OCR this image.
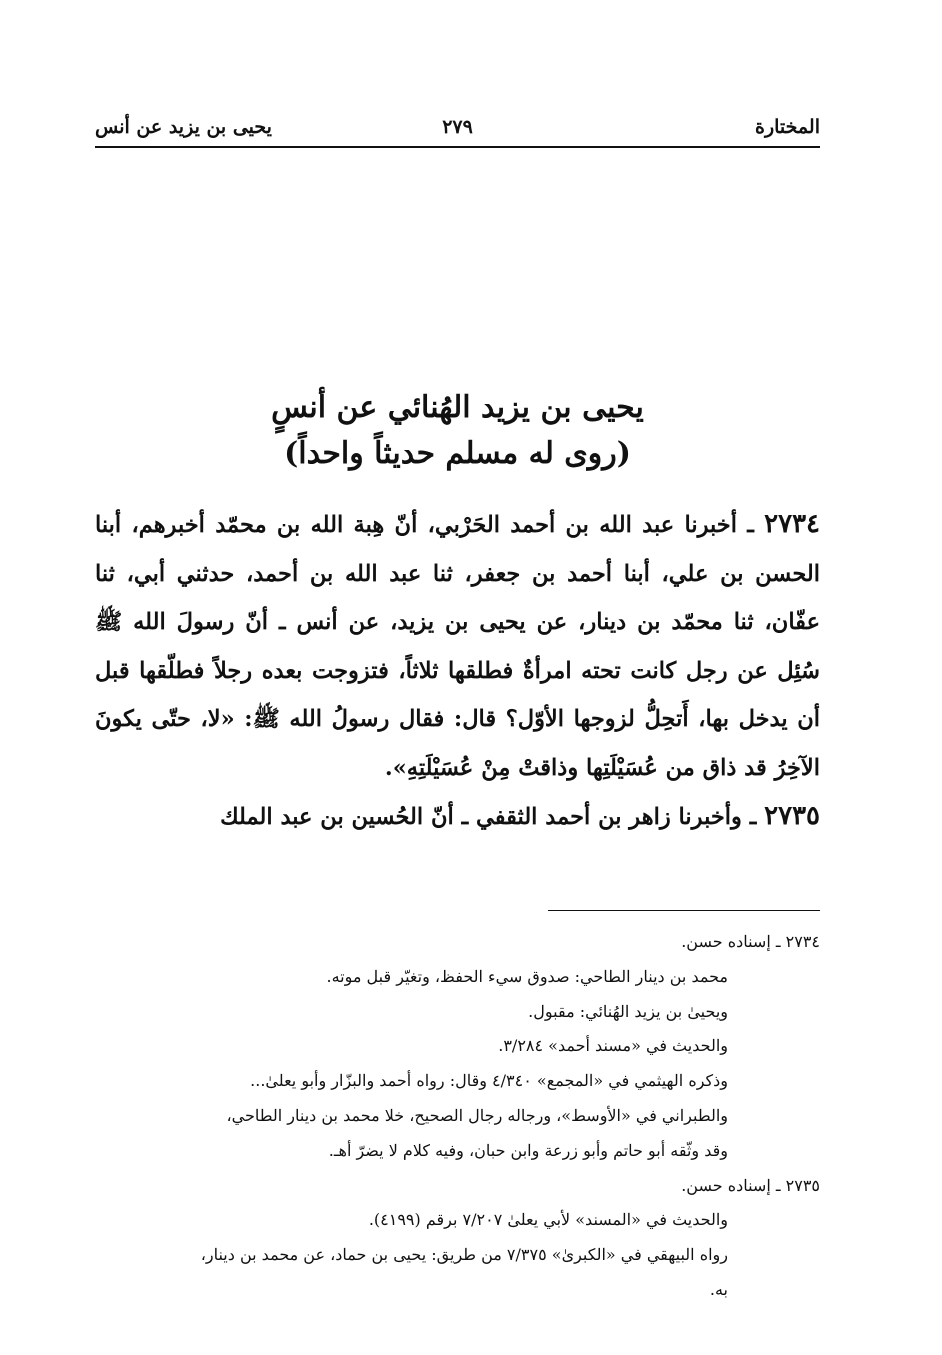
المختارة
٢٧٩
يحيى بن يزيد عن أنس
يحيى بن يزيد الهُنائي عن أنسٍ
(روى له مسلم حديثاً واحداً)

٢٧٣٤ ـ أخبرنا عبد الله بن أحمد الحَرْبي، أنّ هِبة الله بن محمّد أخبرهم، أبنا الحسن بن علي، أبنا أحمد بن جعفر، ثنا عبد الله بن أحمد، حدثني أبي، ثنا عفّان، ثنا محمّد بن دينار، عن يحيى بن يزيد، عن أنس ـ أنّ رسولَ الله ﷺ سُئِل عن رجل كانت تحته امرأةٌ فطلقها ثلاثاً، فتزوجت بعده رجلاً فطلّقها قبل أن يدخل بها، أَتحِلُّ لزوجها الأوّل؟ قال: فقال رسولُ الله ﷺ: «لا، حتّى يكونَ الآخِرُ قد ذاق من عُسَيْلَتِها وذاقتْ مِنْ عُسَيْلَتِهِ».

٢٧٣٥ ـ وأخبرنا زاهر بن أحمد الثقفي ـ أنّ الحُسين بن عبد الملك

٢٧٣٤ ـ إسناده حسن.
محمد بن دينار الطاحي: صدوق سيء الحفظ، وتغيّر قبل موته.
ويحيىٰ بن يزيد الهُنائي: مقبول.
والحديث في «مسند أحمد» ٣/٢٨٤.
وذكره الهيثمي في «المجمع» ٤/٣٤٠ وقال: رواه أحمد والبزّار وأبو يعلىٰ...
والطبراني في «الأوسط»، ورجاله رجال الصحيح، خلا محمد بن دينار الطاحي،
وقد وثّقه أبو حاتم وأبو زرعة وابن حبان، وفيه كلام لا يضرّ أهـ.
٢٧٣٥ ـ إسناده حسن.
والحديث في «المسند» لأبي يعلىٰ ٧/٢٠٧ برقم (٤١٩٩).
رواه البيهقي في «الكبرىٰ» ٧/٣٧٥ من طريق: يحيى بن حماد، عن محمد بن دينار،
به.
